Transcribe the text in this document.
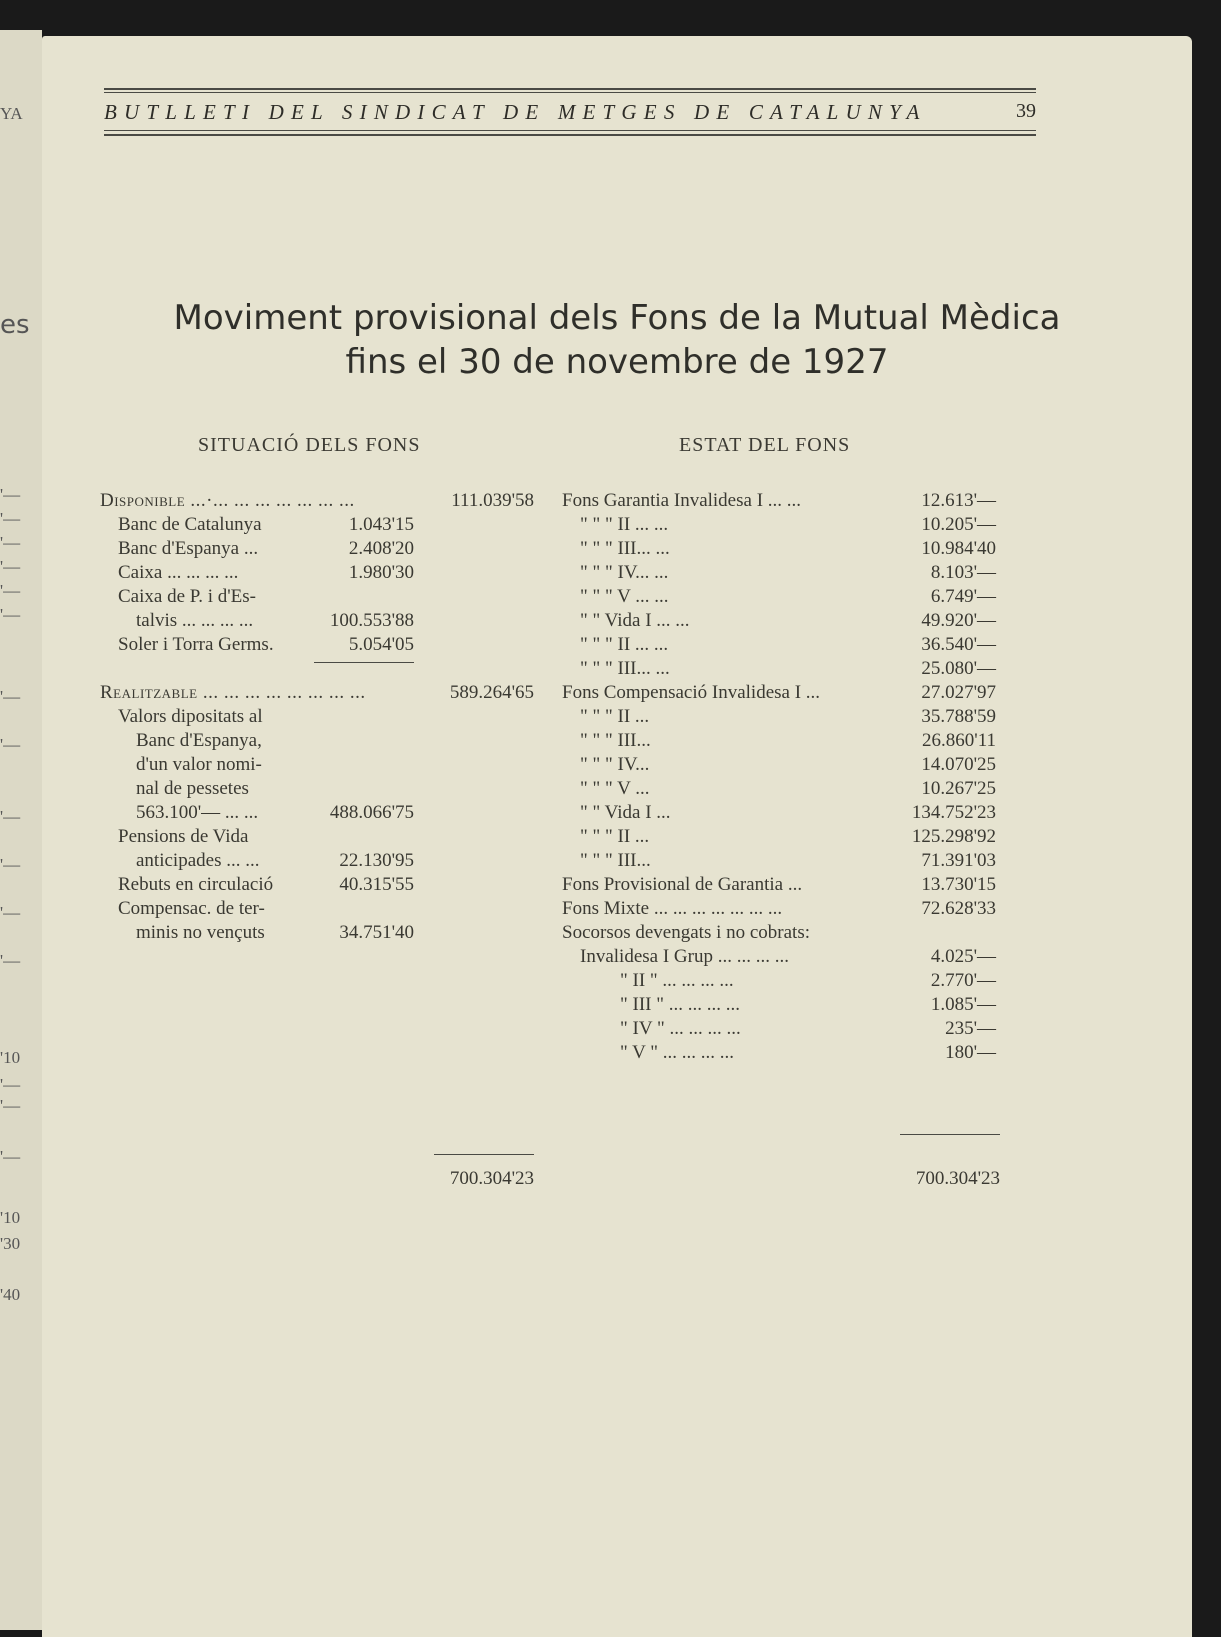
YA
es
'—
'—
'—
'—
'—
'—
'—
'—
'—
'—
'—
'—
'10
'—
'—
'—
'10
'30
'40
BUTLLETI DEL SINDICAT DE METGES DE CATALUNYA	39
Moviment provisional dels Fons de la Mutual Mèdica
fins el 30 de novembre de 1927
SITUACIÓ DELS FONS	ESTAT DEL FONS
Disponible ...·... ... ... ... ... ... ...	111.039'58
Banc de Catalunya	1.043'15
Banc d'Espanya ...	2.408'20
Caixa ... ... ... ...	1.980'30
Caixa de P. i d'Es-
talvis ... ... ... ...	100.553'88
Soler i Torra Germs.	5.054'05
Realitzable ... ... ... ... ... ... ... ...	589.264'65
Valors dipositats al
Banc d'Espanya,
d'un valor nomi-
nal de pessetes
563.100'— ... ...	488.066'75
Pensions de Vida
anticipades ... ...	22.130'95
Rebuts en circulació	40.315'55
Compensac. de ter-
minis no vençuts	34.751'40
700.304'23
Fons Garantia Invalidesa I ... ...	12.613'—
" " " II ... ...	10.205'—
" " " III... ...	10.984'40
" " " IV... ...	8.103'—
" " " V ... ...	6.749'—
" " Vida I ... ...	49.920'—
" " " II ... ...	36.540'—
" " " III... ...	25.080'—
Fons Compensació Invalidesa I ...	27.027'97
" " " II ...	35.788'59
" " " III...	26.860'11
" " " IV...	14.070'25
" " " V ...	10.267'25
" " Vida I ...	134.752'23
" " " II ...	125.298'92
" " " III...	71.391'03
Fons Provisional de Garantia ...	13.730'15
Fons Mixte ... ... ... ... ... ... ...	72.628'33
Socorsos devengats i no cobrats:
Invalidesa I Grup ... ... ... ...	4.025'—
" II " ... ... ... ...	2.770'—
" III " ... ... ... ...	1.085'—
" IV " ... ... ... ...	235'—
" V " ... ... ... ...	180'—
700.304'23
